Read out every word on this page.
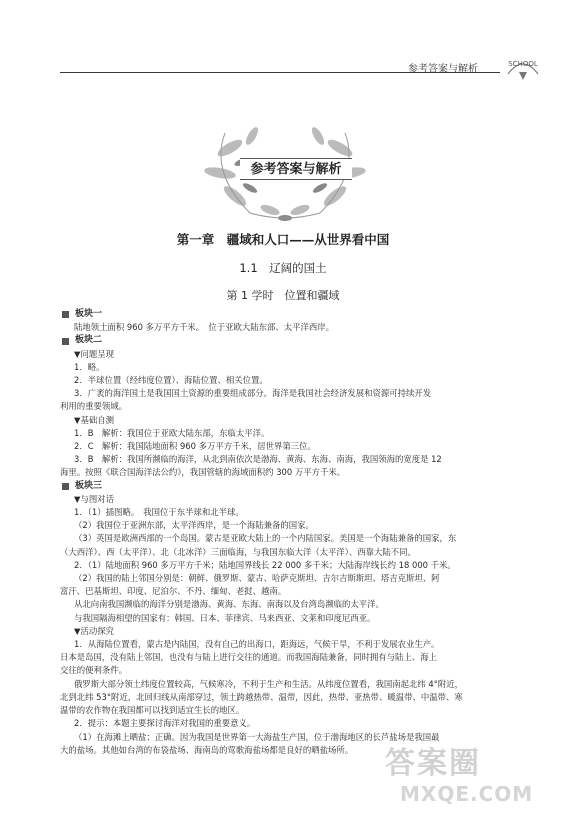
参考答案与解析	SCHOOL
参考答案与解析
第一章　疆域和人口——从世界看中国
1.1　辽阔的国土
第 1 学时　位置和疆域
板块一
陆地领土面积 960 多万平方千米。　位于亚欧大陆东部、太平洋西岸。
板块二
▼问题呈现
1．略。
2．半球位置（经纬度位置）、海陆位置、相关位置。
3．广袤的海洋国土是我国国土资源的重要组成部分。海洋是我国社会经济发展和资源可持续开发
利用的重要领域。
▼基础自测
1．B　解析：我国位于亚欧大陆东部，东临太平洋。
2．C　解析：我国陆地面积 960 多万平方千米，居世界第三位。
3．B　解析：我国所濒临的海洋，从北到南依次是渤海、黄海、东海、南海，我国领海的宽度是 12
海里。按照《联合国海洋法公约》，我国管辖的海域面积约 300 万平方千米。
板块三
▼与图对话
1．（1）插图略。　我国位于东半球和北半球。
（2）我国位于亚洲东部，太平洋西岸，是一个海陆兼备的国家。
（3）英国是欧洲西部的一个岛国。蒙古是亚欧大陆上的一个内陆国家。美国是一个海陆兼备的国家，东
（大西洋）、西（太平洋）、北（北冰洋）三面临海，与我国东临大洋（太平洋）、西靠大陆不同。
2．（1）陆地面积 960 多万平方千米；陆地国界线长 22 000 多千米；大陆海岸线长约 18 000 千米。
（2）我国的陆上邻国分别是：朝鲜、俄罗斯、蒙古、哈萨克斯坦、吉尔吉斯斯坦、塔吉克斯坦、阿
富汗、巴基斯坦、印度、尼泊尔、不丹、缅甸、老挝、越南。
从北向南我国濒临的海洋分别是渤海、黄海、东海、南海以及台湾岛濒临的太平洋。
与我国隔海相望的国家有：韩国、日本、菲律宾、马来西亚、文莱和印度尼西亚。
▼活动探究
1．从海陆位置看，蒙古是内陆国，没有自己的出海口，距海远，气候干旱，不利于发展农业生产。
日本是岛国，没有陆上邻国，也没有与陆上进行交往的通道。而我国海陆兼备，同时拥有与陆上、海上
交往的便利条件。
俄罗斯大部分领土纬度位置较高，气候寒冷，不利于生产和生活。从纬度位置看，我国南起北纬 4°附近，
北到北纬 53°附近，北回归线从南部穿过，领土跨越热带、温带，因此，热带、亚热带、暖温带、中温带、寒
温带的农作物在我国都可以找到适宜生长的地区。
2．提示：本题主要探讨海洋对我国的重要意义。
（1）在海滩上晒盐；正确。因为我国是世界第一大海盐生产国，位于渤海地区的长芦盐场是我国最
大的盐场。其他如台湾的布袋盐场、海南岛的莺歌海盐场都是良好的晒盐场所。	答案圈
MXQE.COM
